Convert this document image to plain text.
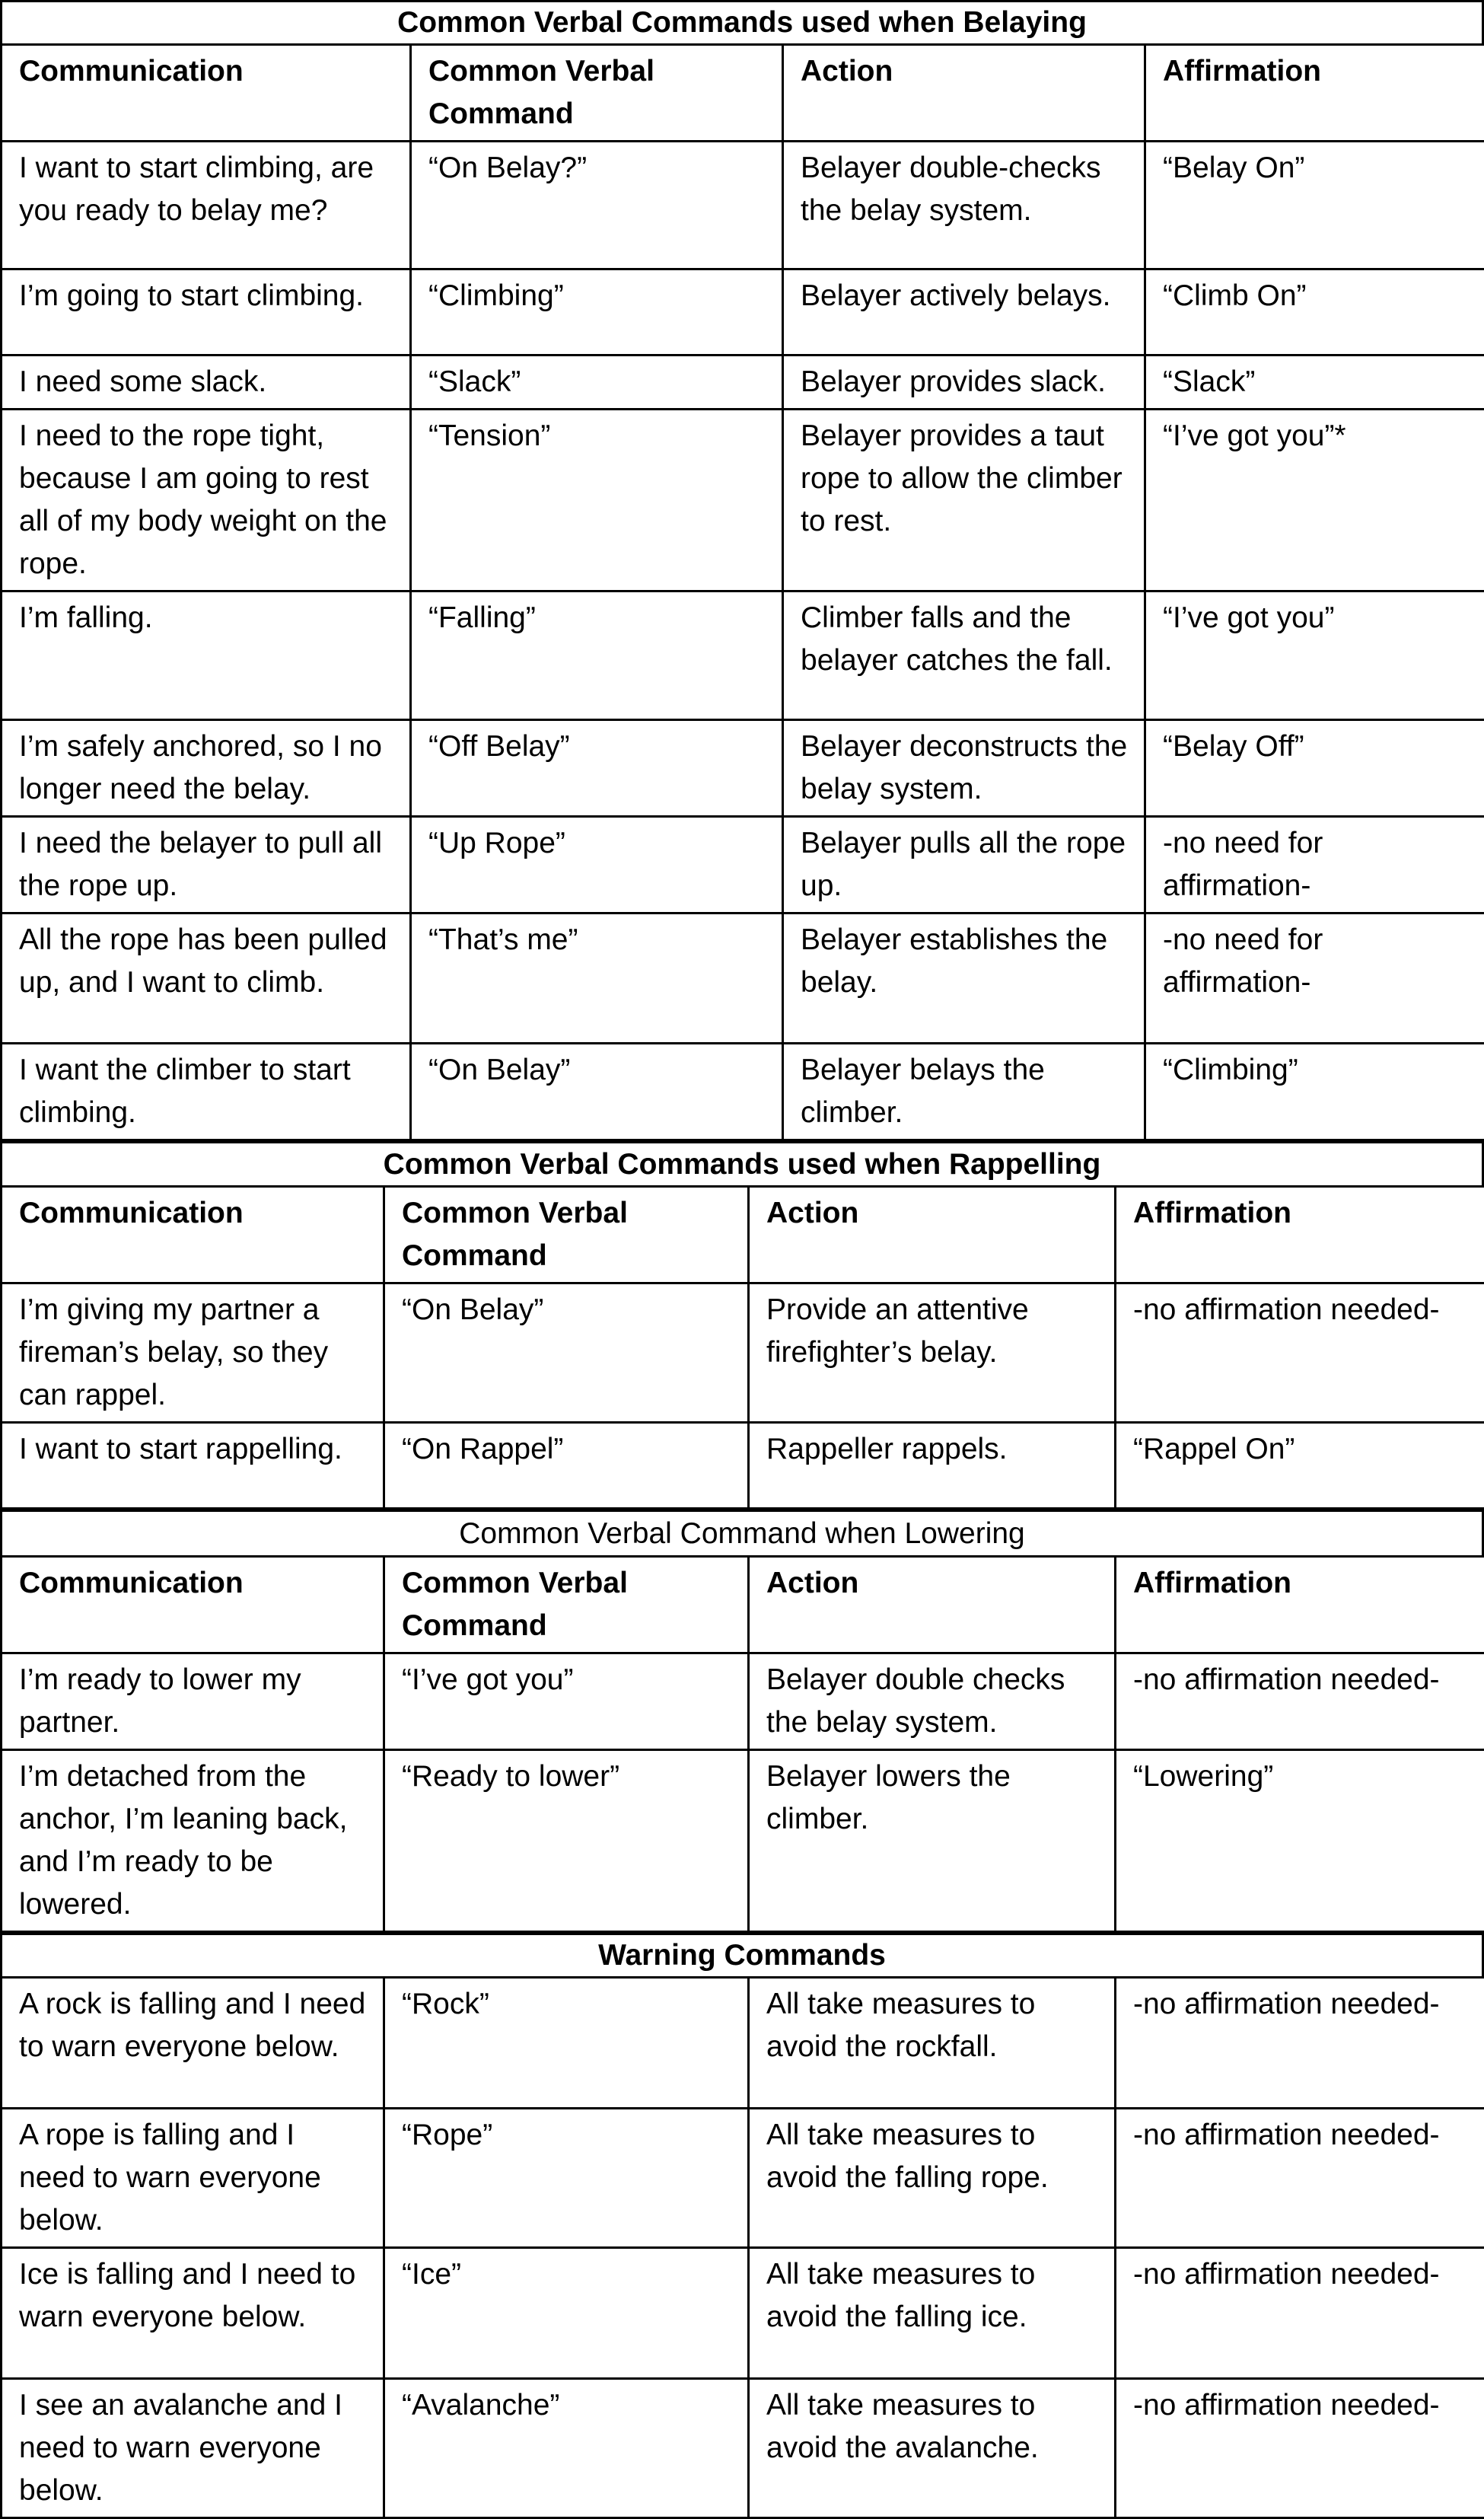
Common Verbal Commands used when Belaying
Communication	Common Verbal Command	Action	Affirmation
I want to start climbing, are you ready to belay me?	“On Belay?”	Belayer double-checks the belay system.	“Belay On”
I’m going to start climbing.	“Climbing”	Belayer actively belays.	“Climb On”
I need some slack.	“Slack”	Belayer provides slack.	“Slack”
I need to the rope tight, because I am going to rest all of my body weight on the rope.	“Tension”	Belayer provides a taut rope to allow the climber to rest.	“I’ve got you”*
I’m falling.	“Falling”	Climber falls and the belayer catches the fall.	“I’ve got you”
I’m safely anchored, so I no longer need the belay.	“Off Belay”	Belayer deconstructs the belay system.	“Belay Off”
I need the belayer to pull all the rope up.	“Up Rope”	Belayer pulls all the rope up.	-no need for affirmation-
All the rope has been pulled up, and I want to climb.	“That’s me”	Belayer establishes the belay.	-no need for affirmation-
I want the climber to start climbing.	“On Belay”	Belayer belays the climber.	“Climbing”
Common Verbal Commands used when Rappelling
Communication	Common Verbal Command	Action	Affirmation
I’m giving my partner a fireman’s belay, so they can rappel.	“On Belay”	Provide an attentive firefighter’s belay.	-no affirmation needed-
I want to start rappelling.	“On Rappel”	Rappeller rappels.	“Rappel On”
Common Verbal Command when Lowering
Communication	Common Verbal Command	Action	Affirmation
I’m ready to lower my partner.	“I’ve got you”	Belayer double checks the belay system.	-no affirmation needed-
I’m detached from the anchor, I’m leaning back, and I’m ready to be lowered.	“Ready to lower”	Belayer lowers the climber.	“Lowering”
Warning Commands
A rock is falling and I need to warn everyone below.	“Rock”	All take measures to avoid the rockfall.	-no affirmation needed-
A rope is falling and I need to warn everyone below.	“Rope”	All take measures to avoid the falling rope.	-no affirmation needed-
Ice is falling and I need to warn everyone below.	“Ice”	All take measures to avoid the falling ice.	-no affirmation needed-
I see an avalanche and I need to warn everyone below.	“Avalanche”	All take measures to avoid the avalanche.	-no affirmation needed-
